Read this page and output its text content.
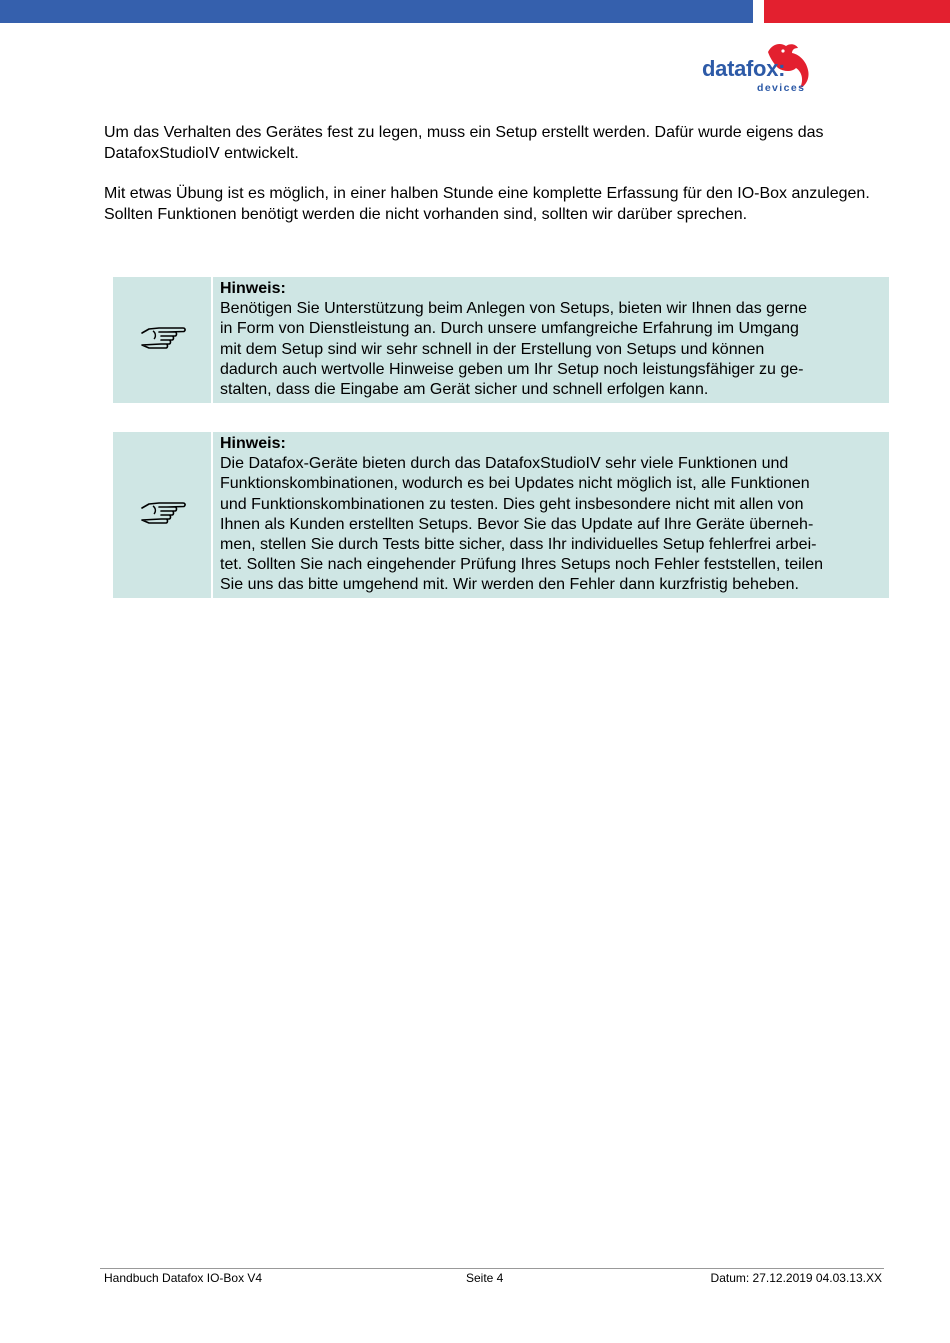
datafox:
devices

Um das Verhalten des Gerätes fest zu legen, muss ein Setup erstellt werden. Dafür wurde eigens das DatafoxStudioIV entwickelt.

Mit etwas Übung ist es möglich, in einer halben Stunde eine komplette Erfassung für den IO-Box anzulegen. Sollten Funktionen benötigt werden die nicht vorhanden sind, sollten wir darüber sprechen.

Hinweis:
Benötigen Sie Unterstützung beim Anlegen von Setups, bieten wir Ihnen das gerne
in Form von Dienstleistung an. Durch unsere umfangreiche Erfahrung im Umgang
mit dem Setup sind wir sehr schnell in der Erstellung von Setups und können
dadurch auch wertvolle Hinweise geben um Ihr Setup noch leistungsfähiger zu ge-
stalten, dass die Eingabe am Gerät sicher und schnell erfolgen kann.
Hinweis:
Die Datafox-Geräte bieten durch das DatafoxStudioIV sehr viele Funktionen und
Funktionskombinationen, wodurch es bei Updates nicht möglich ist, alle Funktionen
und Funktionskombinationen zu testen. Dies geht insbesondere nicht mit allen von
Ihnen als Kunden erstellten Setups. Bevor Sie das Update auf Ihre Geräte überneh-
men, stellen Sie durch Tests bitte sicher, dass Ihr individuelles Setup fehlerfrei arbei-
tet. Sollten Sie nach eingehender Prüfung Ihres Setups noch Fehler feststellen, teilen
Sie uns das bitte umgehend mit. Wir werden den Fehler dann kurzfristig beheben.
Handbuch Datafox IO-Box V4	Seite 4	Datum: 27.12.2019 04.03.13.XX
